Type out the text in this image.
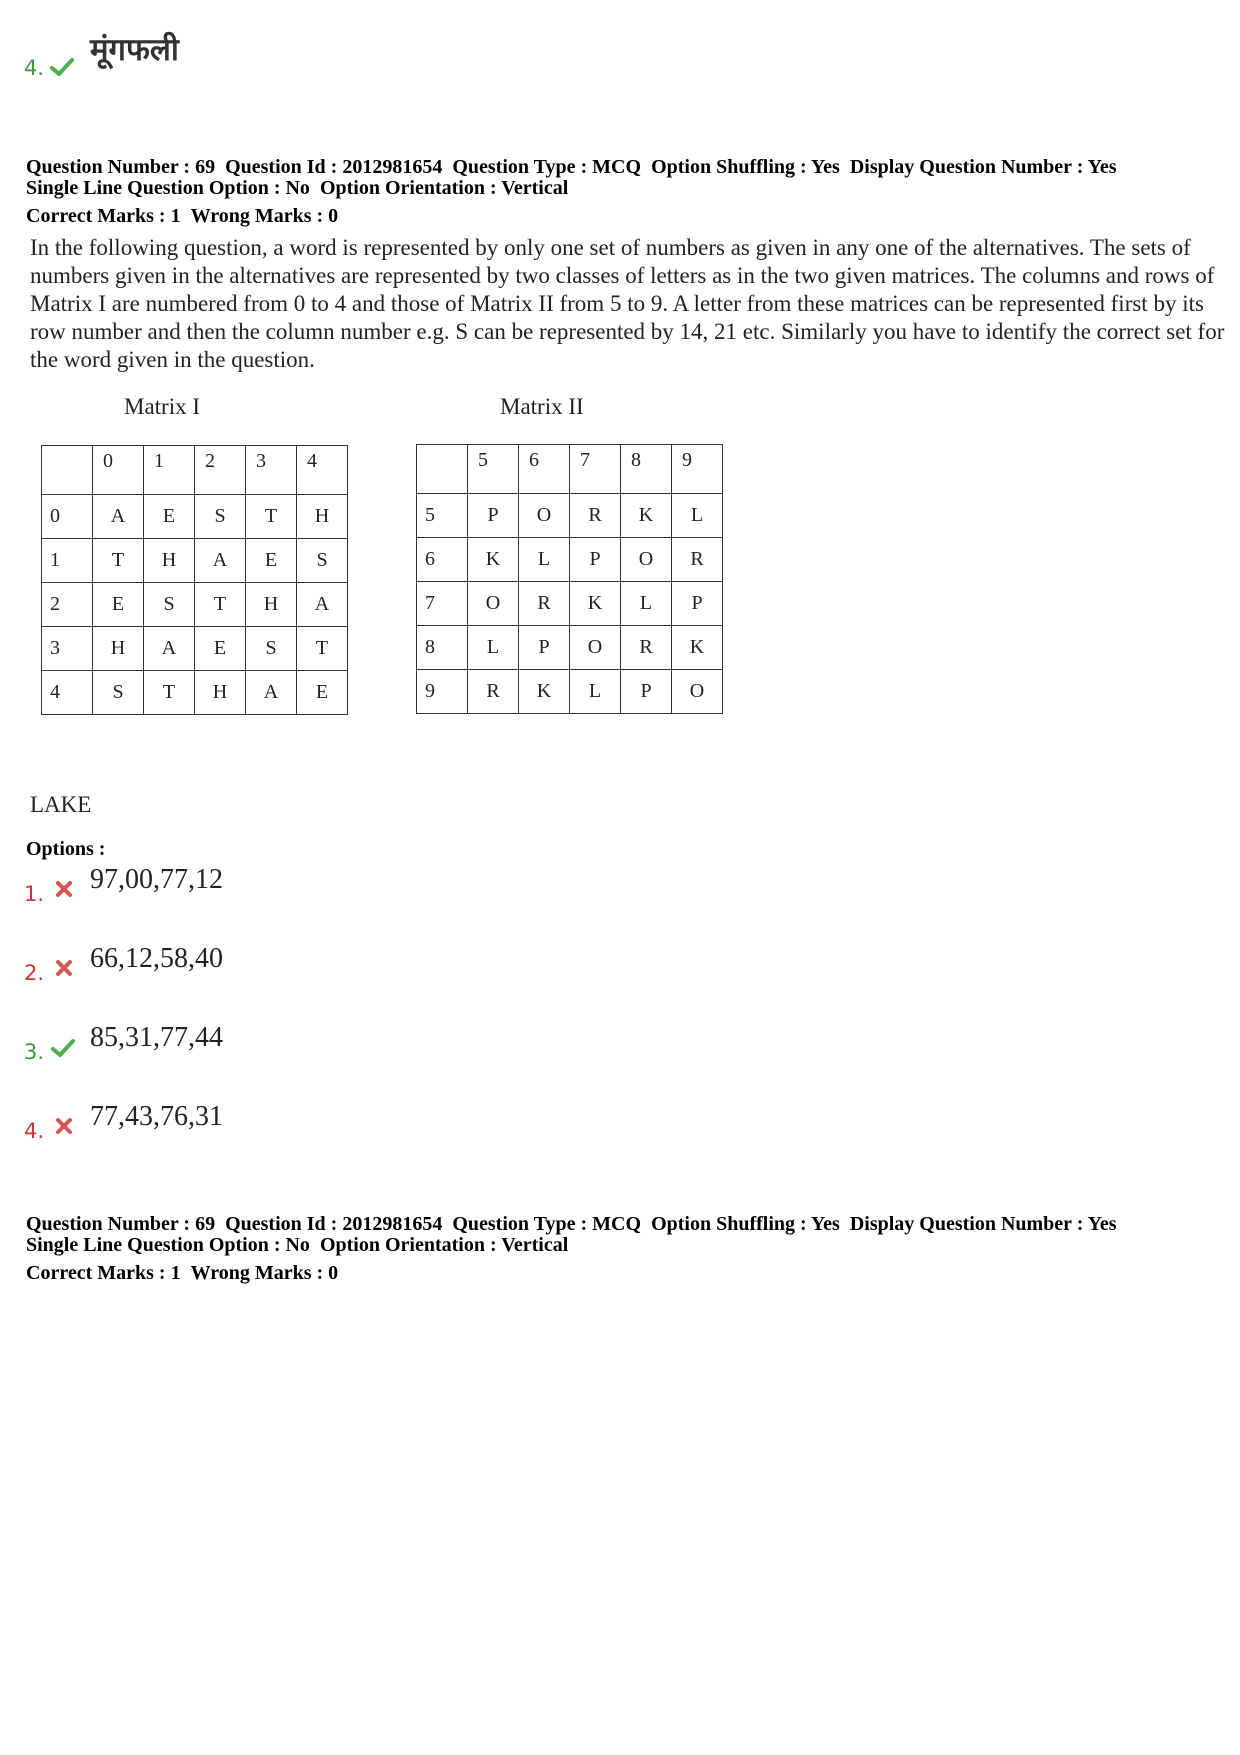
4. मूंगफली
Question Number : 69 Question Id : 2012981654 Question Type : MCQ Option Shuffling : Yes Display Question Number : Yes
Single Line Question Option : No Option Orientation : Vertical
Correct Marks : 1 Wrong Marks : 0
In the following question, a word is represented by only one set of numbers as given in any one of the alternatives. The sets of numbers given in the alternatives are represented by two classes of letters as in the two given matrices. The columns and rows of Matrix I are numbered from 0 to 4 and those of Matrix II from 5 to 9. A letter from these matrices can be represented first by its row number and then the column number e.g. S can be represented by 14, 21 etc. Similarly you have to identify the correct set for the word given in the question.
Matrix I	Matrix II
	0	1	2	3	4
0	A	E	S	T	H
1	T	H	A	E	S
2	E	S	T	H	A
3	H	A	E	S	T
4	S	T	H	A	E
	5	6	7	8	9
5	P	O	R	K	L
6	K	L	P	O	R
7	O	R	K	L	P
8	L	P	O	R	K
9	R	K	L	P	O
LAKE
Options :
1. 97,00,77,12
2. 66,12,58,40
3. 85,31,77,44
4. 77,43,76,31
Question Number : 69 Question Id : 2012981654 Question Type : MCQ Option Shuffling : Yes Display Question Number : Yes
Single Line Question Option : No Option Orientation : Vertical
Correct Marks : 1 Wrong Marks : 0
